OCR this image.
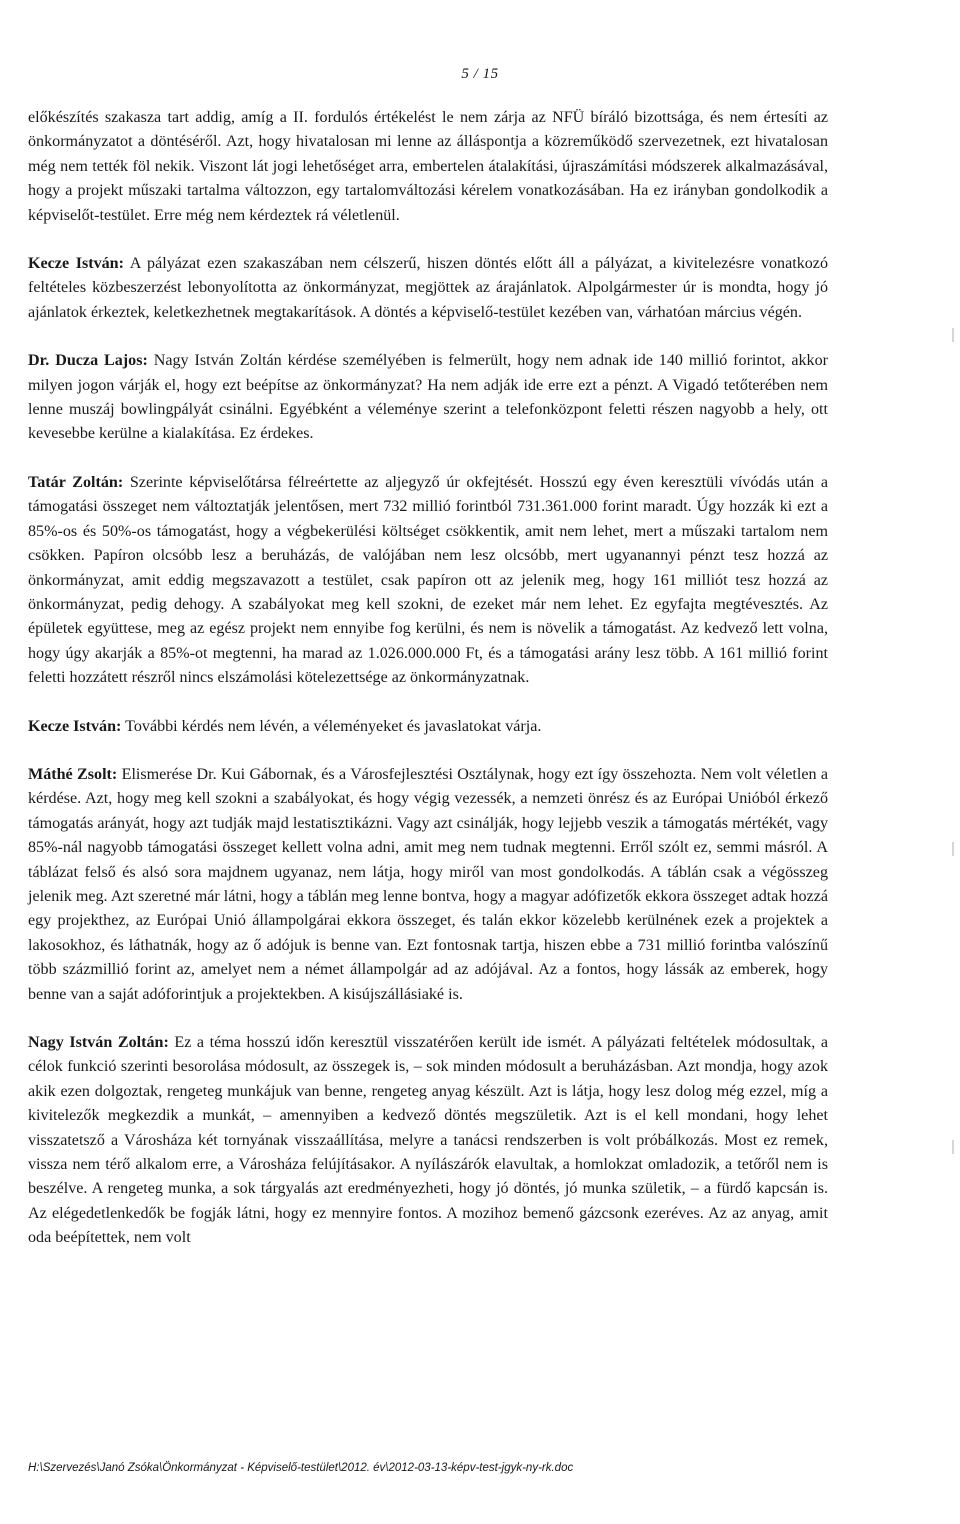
5 / 15

előkészítés szakasza tart addig, amíg a II. fordulós értékelést le nem zárja az NFÜ bíráló bizottsága, és nem értesíti az önkormányzatot a döntéséről. Azt, hogy hivatalosan mi lenne az álláspontja a közreműködő szervezetnek, ezt hivatalosan még nem tették föl nekik. Viszont lát jogi lehetőséget arra, embertelen átalakítási, újraszámítási módszerek alkalmazásával, hogy a projekt műszaki tartalma változzon, egy tartalomváltozási kérelem vonatkozásában. Ha ez irányban gondolkodik a képviselőt-testület. Erre még nem kérdeztek rá véletlenül.

Kecze István: A pályázat ezen szakaszában nem célszerű, hiszen döntés előtt áll a pályázat, a kivitelezésre vonatkozó feltételes közbeszerzést lebonyolította az önkormányzat, megjöttek az árajánlatok. Alpolgármester úr is mondta, hogy jó ajánlatok érkeztek, keletkezhetnek megtakarítások. A döntés a képviselő-testület kezében van, várhatóan március végén.

Dr. Ducza Lajos: Nagy István Zoltán kérdése személyében is felmerült, hogy nem adnak ide 140 millió forintot, akkor milyen jogon várják el, hogy ezt beépítse az önkormányzat? Ha nem adják ide erre ezt a pénzt. A Vigadó tetőterében nem lenne muszáj bowlingpályát csinálni. Egyébként a véleménye szerint a telefonközpont feletti részen nagyobb a hely, ott kevesebbe kerülne a kialakítása. Ez érdekes.

Tatár Zoltán: Szerinte képviselőtársa félreértette az aljegyző úr okfejtését. Hosszú egy éven keresztüli vívódás után a támogatási összeget nem változtatják jelentősen, mert 732 millió forintból 731.361.000 forint maradt. Úgy hozzák ki ezt a 85%-os és 50%-os támogatást, hogy a végbekerülési költséget csökkentik, amit nem lehet, mert a műszaki tartalom nem csökken. Papíron olcsóbb lesz a beruházás, de valójában nem lesz olcsóbb, mert ugyanannyi pénzt tesz hozzá az önkormányzat, amit eddig megszavazott a testület, csak papíron ott az jelenik meg, hogy 161 milliót tesz hozzá az önkormányzat, pedig dehogy. A szabályokat meg kell szokni, de ezeket már nem lehet. Ez egyfajta megtévesztés. Az épületek együttese, meg az egész projekt nem ennyibe fog kerülni, és nem is növelik a támogatást. Az kedvező lett volna, hogy úgy akarják a 85%-ot megtenni, ha marad az 1.026.000.000 Ft, és a támogatási arány lesz több. A 161 millió forint feletti hozzátett részről nincs elszámolási kötelezettsége az önkormányzatnak.

Kecze István: További kérdés nem lévén, a véleményeket és javaslatokat várja.

Máthé Zsolt: Elismerése Dr. Kui Gábornak, és a Városfejlesztési Osztálynak, hogy ezt így összehozta. Nem volt véletlen a kérdése. Azt, hogy meg kell szokni a szabályokat, és hogy végig vezessék, a nemzeti önrész és az Európai Unióból érkező támogatás arányát, hogy azt tudják majd lestatisztikázni. Vagy azt csinálják, hogy lejjebb veszik a támogatás mértékét, vagy 85%-nál nagyobb támogatási összeget kellett volna adni, amit meg nem tudnak megtenni. Erről szólt ez, semmi másról. A táblázat felső és alsó sora majdnem ugyanaz, nem látja, hogy miről van most gondolkodás. A táblán csak a végösszeg jelenik meg. Azt szeretné már látni, hogy a táblán meg lenne bontva, hogy a magyar adófizetők ekkora összeget adtak hozzá egy projekthez, az Európai Unió állampolgárai ekkora összeget, és talán ekkor közelebb kerülnének ezek a projektek a lakosokhoz, és láthatnák, hogy az ő adójuk is benne van. Ezt fontosnak tartja, hiszen ebbe a 731 millió forintba valószínű több százmillió forint az, amelyet nem a német állampolgár ad az adójával. Az a fontos, hogy lássák az emberek, hogy benne van a saját adóforintjuk a projektekben. A kisújszállásiaké is.

Nagy István Zoltán: Ez a téma hosszú időn keresztül visszatérően került ide ismét. A pályázati feltételek módosultak, a célok funkció szerinti besorolása módosult, az összegek is, – sok minden módosult a beruházásban. Azt mondja, hogy azok akik ezen dolgoztak, rengeteg munkájuk van benne, rengeteg anyag készült. Azt is látja, hogy lesz dolog még ezzel, míg a kivitelezők megkezdik a munkát, – amennyiben a kedvező döntés megszületik. Azt is el kell mondani, hogy lehet visszatetsző a Városháza két tornyának visszaállítása, melyre a tanácsi rendszerben is volt próbálkozás. Most ez remek, vissza nem térő alkalom erre, a Városháza felújításakor. A nyílászárók elavultak, a homlokzat omladozik, a tetőről nem is beszélve. A rengeteg munka, a sok tárgyalás azt eredményezheti, hogy jó döntés, jó munka születik, – a fürdő kapcsán is. Az elégedetlenkedők be fogják látni, hogy ez mennyire fontos. A mozihoz bemenő gázcsonk ezeréves. Az az anyag, amit oda beépítettek, nem volt

H:\Szervezés\Janó Zsóka\Önkormányzat - Képviselő-testület\2012. év\2012-03-13-képv-test-jgyk-ny-rk.doc
